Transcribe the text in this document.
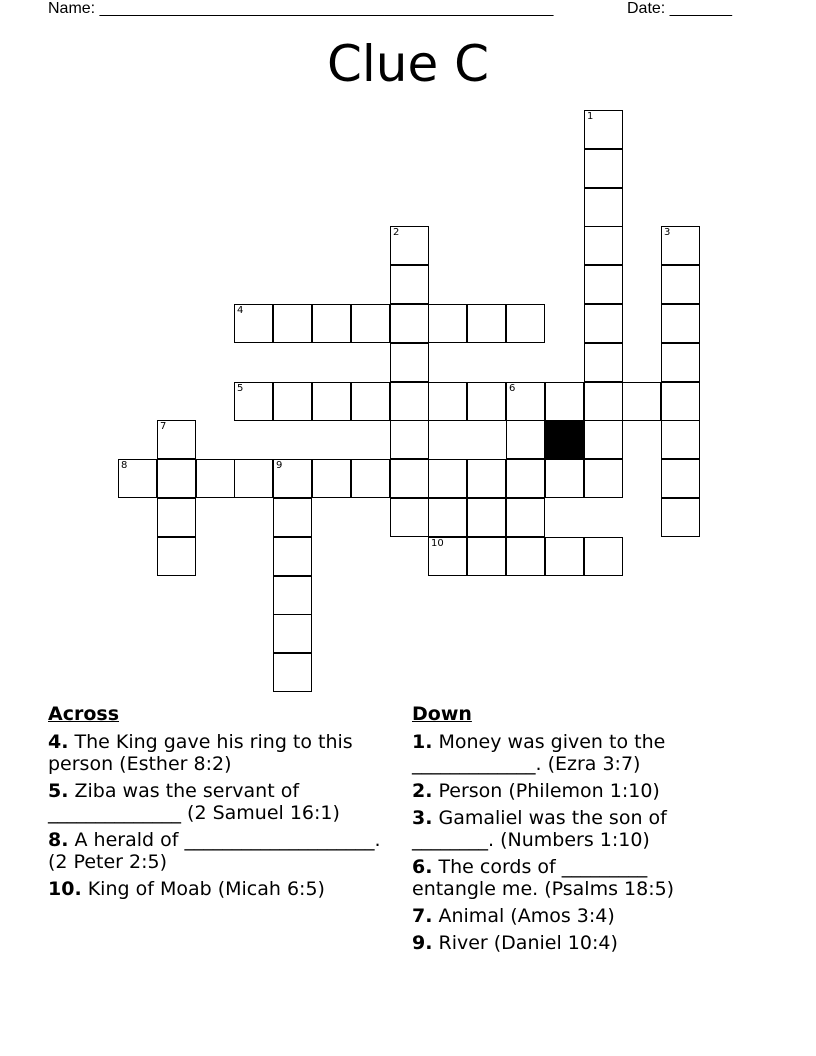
Name: ___________________________________________________	Date: _______
Clue C
1
2	3
4
5	6
7
8	9
10
Across
4. The King gave his ring to this person (Esther 8:2)
5. Ziba was the servant of ______________ (2 Samuel 16:1)
8. A herald of ____________________. (2 Peter 2:5)
10. King of Moab (Micah 6:5)
Down
1. Money was given to the _____________. (Ezra 3:7)
2. Person (Philemon 1:10)
3. Gamaliel was the son of ________. (Numbers 1:10)
6. The cords of _________ entangle me. (Psalms 18:5)
7. Animal (Amos 3:4)
9. River (Daniel 10:4)
